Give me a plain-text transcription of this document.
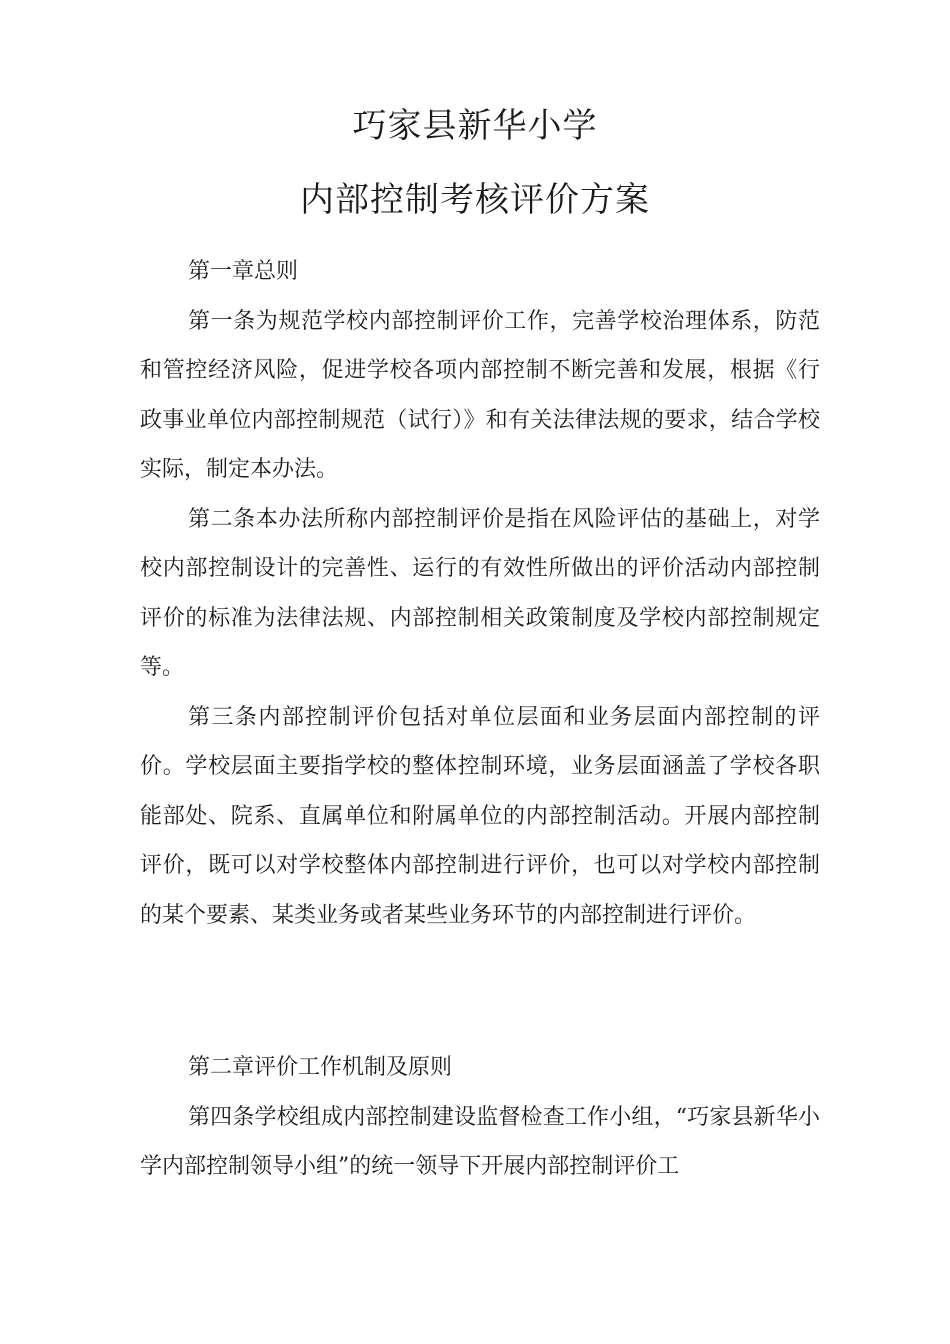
巧家县新华小学
内部控制考核评价方案
第一章总则

第一条为规范学校内部控制评价工作，完善学校治理体系，防范和管控经济风险，促进学校各项内部控制不断完善和发展，根据《行政事业单位内部控制规范（试行）》和有关法律法规的要求，结合学校实际，制定本办法。

第二条本办法所称内部控制评价是指在风险评估的基础上，对学校内部控制设计的完善性、运行的有效性所做出的评价活动内部控制评价的标准为法律法规、内部控制相关政策制度及学校内部控制规定等。

第三条内部控制评价包括对单位层面和业务层面内部控制的评价。学校层面主要指学校的整体控制环境，业务层面涵盖了学校各职能部处、院系、直属单位和附属单位的内部控制活动。开展内部控制评价，既可以对学校整体内部控制进行评价，也可以对学校内部控制的某个要素、某类业务或者某些业务环节的内部控制进行评价。

第二章评价工作机制及原则

第四条学校组成内部控制建设监督检查工作小组，“巧家县新华小学内部控制领导小组”的统一领导下开展内部控制评价工
